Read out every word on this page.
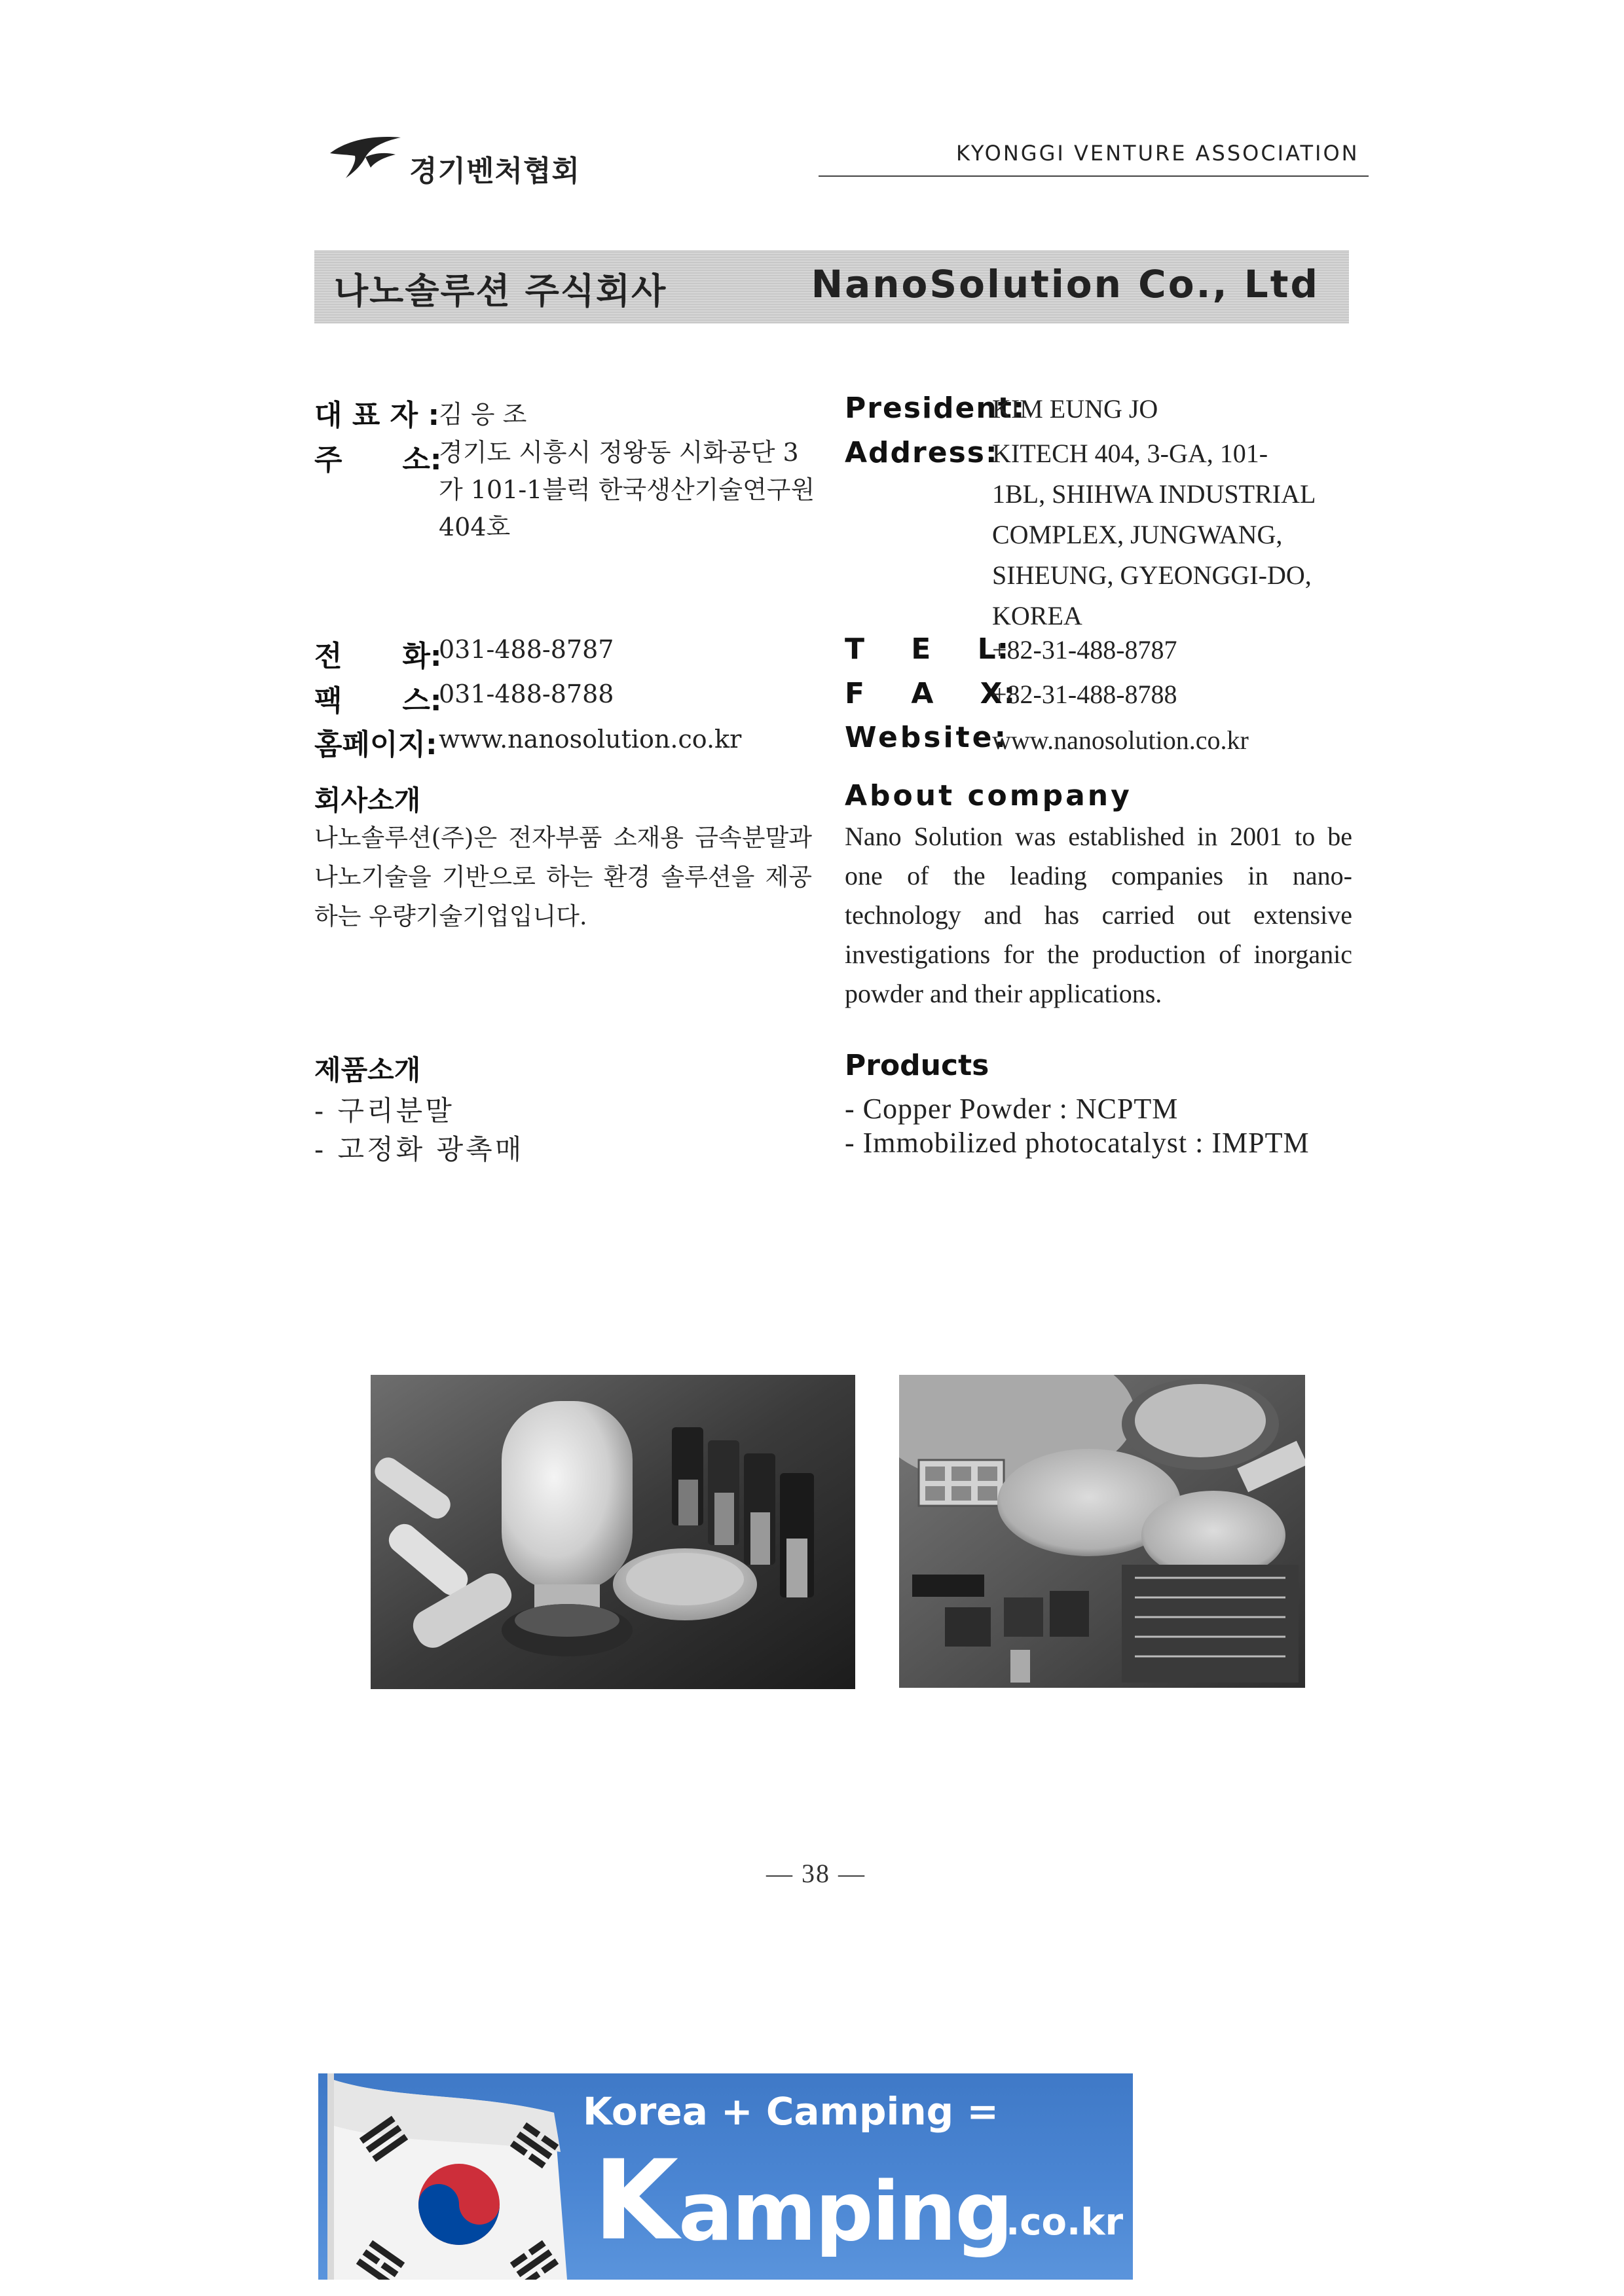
경기벤처협회
KYONGGI VENTURE ASSOCIATION
나노솔루션 주식회사	NanoSolution Co., Ltd
대 표 자 :
김 응 조
주      소:
경기도 시흥시 정왕동 시화공단 3가 101-1블럭 한국생산기술연구원 404호
전      화:
031-488-8787
팩      스:
031-488-8788
홈페이지: www.nanosolution.co.kr
President:
KIM EUNG JO
Address:
KITECH 404, 3-GA, 101-1BL, SHIHWA INDUSTRIAL COMPLEX, JUNGWANG, SIHEUNG, GYEONGGI-DO, KOREA
T    E    L:
+82-31-488-8787
F    A    X:
+82-31-488-8788
Website:
www.nanosolution.co.kr
회사소개
나노솔루션(주)은 전자부품 소재용 금속분말과 나노기술을 기반으로 하는 환경 솔루션을 제공하는 우량기술기업입니다.
About company
Nano Solution was established in 2001 to be one of the leading companies in nano-technology and has carried out extensive investigations for the production of inorganic powder and their applications.
제품소개
- 구리분말
- 고정화 광촉매
Products
- Copper Powder : NCPTM
- Immobilized photocatalyst : IMPTM
— 38 —
Korea + Camping =
K amping
.co.kr
